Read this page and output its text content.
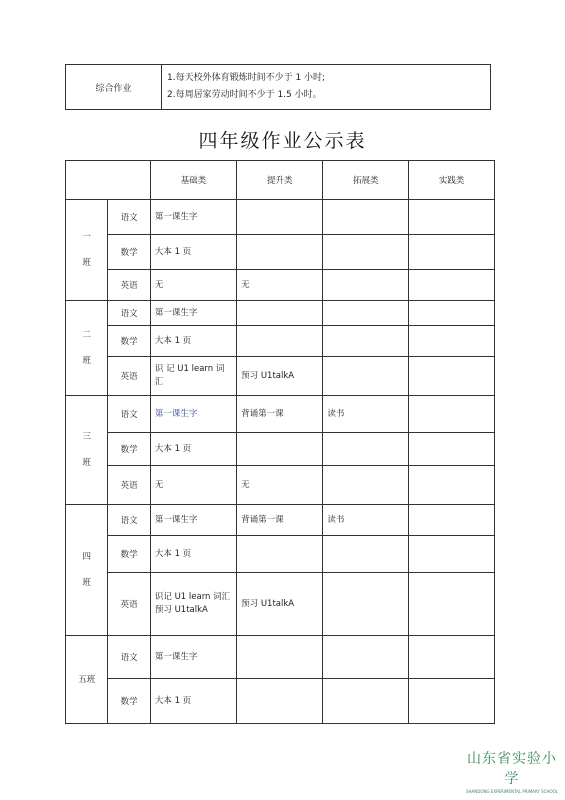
综合作业	
1.每天校外体育锻炼时间不少于 1 小时;
2.每周居家劳动时间不少于 1.5 小时。
四年级作业公示表
		基础类	提升类	拓展类	实践类
一
班	语文	第一课生字			
	数学	大本 1 页			
	英语	无	无		
二
班	语文	第一课生字			
	数学	大本 1 页			
	英语	识 记 U1 learn 词汇	预习 U1talkA		
三
班	语文	第一课生字	背诵第一课	读书	
	数学	大本 1 页			
	英语	无	无		
四
班	语文	第一课生字	背诵第一课	读书	
	数学	大本 1 页			
	英语	识记 U1 learn 词汇 预习 U1talkA	预习 U1talkA		
五班	语文	第一课生字			
	数学	大本 1 页			
山东省实验小学
SHANDONG EXPERIMENTAL PRIMARY SCHOOL
